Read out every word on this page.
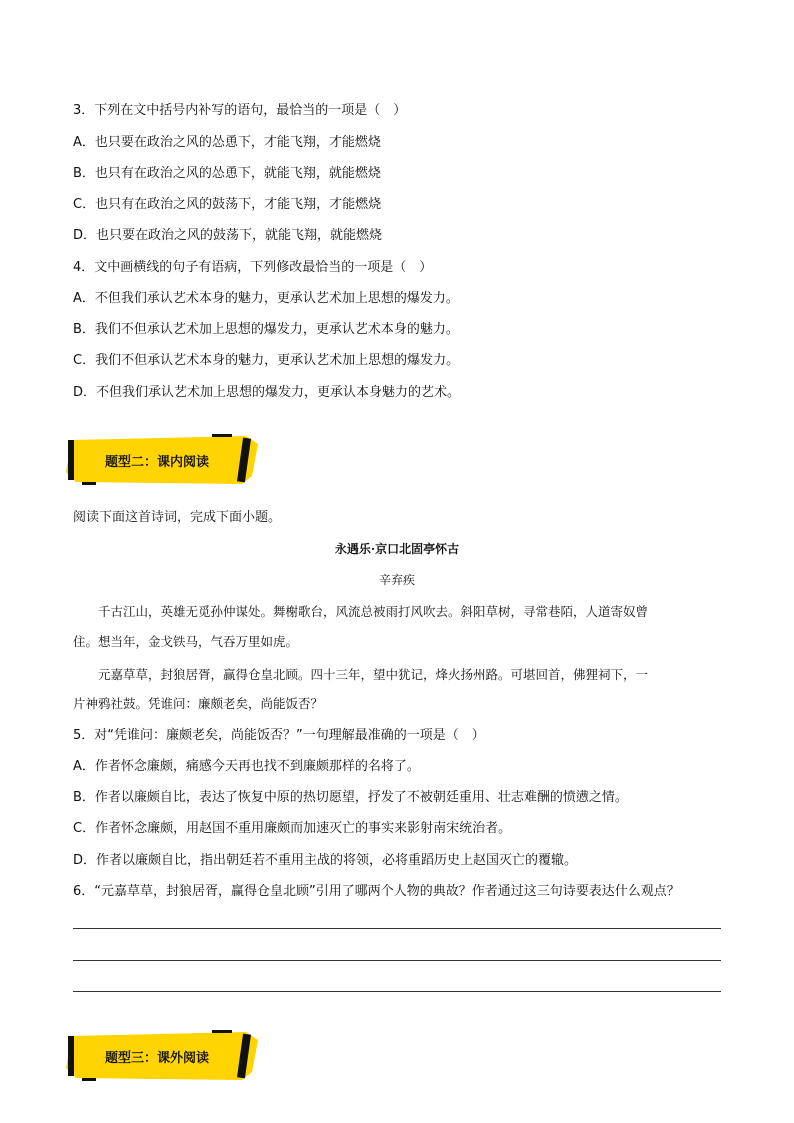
3．下列在文中括号内补写的语句，最恰当的一项是（　）
A．也只要在政治之风的怂恿下，才能飞翔，才能燃烧
B．也只有在政治之风的怂恿下，就能飞翔，就能燃烧
C．也只有在政治之风的鼓荡下，才能飞翔，才能燃烧
D．也只要在政治之风的鼓荡下，就能飞翔，就能燃烧
4．文中画横线的句子有语病，下列修改最恰当的一项是（　）
A．不但我们承认艺术本身的魅力，更承认艺术加上思想的爆发力。
B．我们不但承认艺术加上思想的爆发力，更承认艺术本身的魅力。
C．我们不但承认艺术本身的魅力，更承认艺术加上思想的爆发力。
D．不但我们承认艺术加上思想的爆发力，更承认本身魅力的艺术。
题型二：课内阅读
阅读下面这首诗词，完成下面小题。
永遇乐·京口北固亭怀古
辛弃疾
千古江山，英雄无觅孙仲谋处。舞榭歌台，风流总被雨打风吹去。斜阳草树，寻常巷陌，人道寄奴曾
住。想当年，金戈铁马，气吞万里如虎。
元嘉草草，封狼居胥，赢得仓皇北顾。四十三年，望中犹记，烽火扬州路。可堪回首，佛狸祠下，一
片神鸦社鼓。凭谁问：廉颇老矣，尚能饭否？
5．对“凭谁问：廉颇老矣，尚能饭否？”一句理解最准确的一项是（　）
A．作者怀念廉颇，痛感今天再也找不到廉颇那样的名将了。
B．作者以廉颇自比，表达了恢复中原的热切愿望，抒发了不被朝廷重用、壮志难酬的愤懑之情。
C．作者怀念廉颇，用赵国不重用廉颇而加速灭亡的事实来影射南宋统治者。
D．作者以廉颇自比，指出朝廷若不重用主战的将领，必将重蹈历史上赵国灭亡的覆辙。
6．“元嘉草草，封狼居胥，赢得仓皇北顾”引用了哪两个人物的典故？作者通过这三句诗要表达什么观点？
题型三：课外阅读
